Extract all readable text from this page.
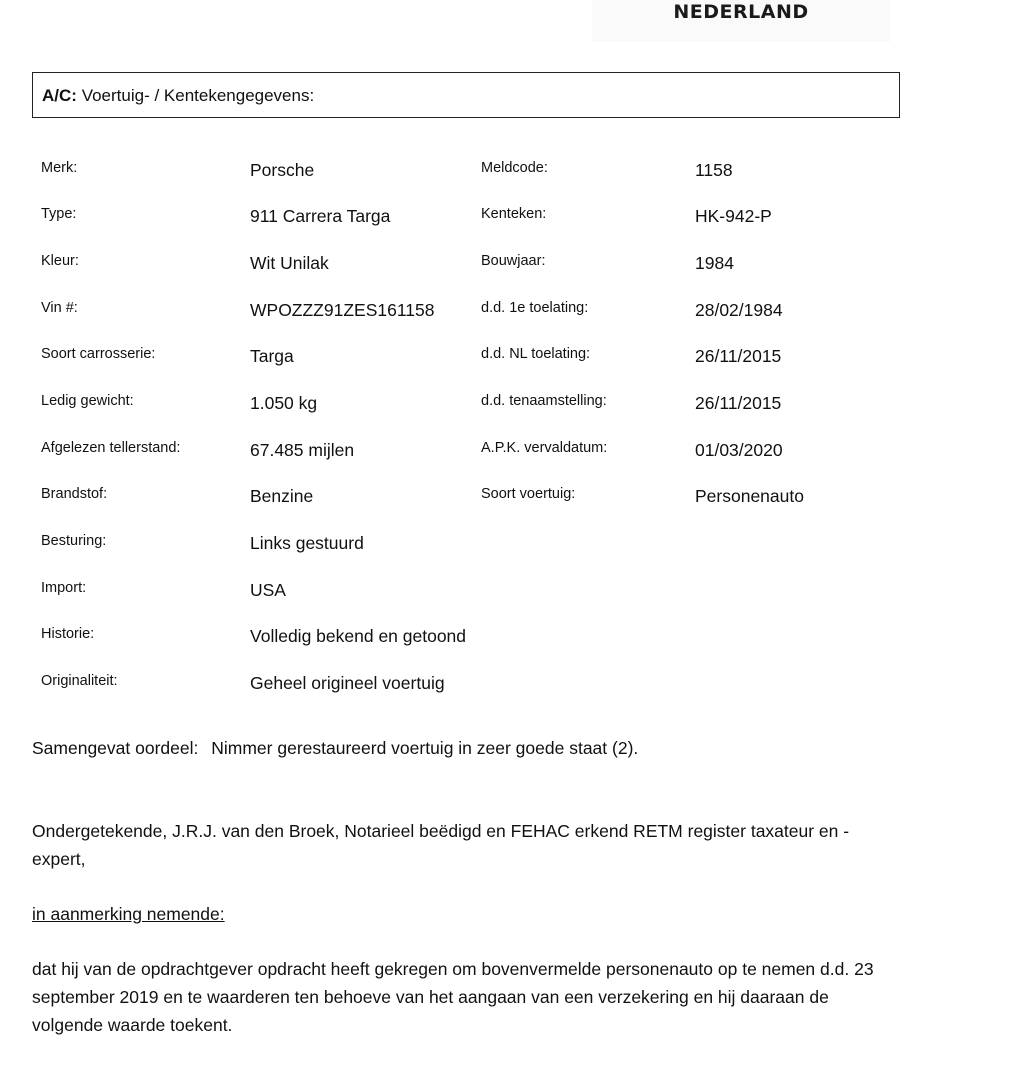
NEDERLAND
A/C: Voertuig- / Kentekengegevens:
Merk:	Porsche
Type:	911 Carrera Targa
Kleur:	Wit Unilak
Vin #:	WPOZZZ91ZES161158
Soort carrosserie:	Targa
Ledig gewicht:	1.050 kg
Afgelezen tellerstand:	67.485 mijlen
Brandstof:	Benzine
Besturing:	Links gestuurd
Import:	USA
Historie:	Volledig bekend en getoond
Originaliteit:	Geheel origineel voertuig
Meldcode:	1158
Kenteken:	HK-942-P
Bouwjaar:	1984
d.d. 1e toelating:	28/02/1984
d.d. NL toelating:	26/11/2015
d.d. tenaamstelling:	26/11/2015
A.P.K. vervaldatum:	01/03/2020
Soort voertuig:	Personenauto
Samengevat oordeel: Nimmer gerestaureerd voertuig in zeer goede staat (2).
Ondergetekende, J.R.J. van den Broek, Notarieel beëdigd en FEHAC erkend RETM register taxateur en -expert,
in aanmerking nemende:
dat hij van de opdrachtgever opdracht heeft gekregen om bovenvermelde personenauto op te nemen d.d. 23 september 2019 en te waarderen ten behoeve van het aangaan van een verzekering en hij daaraan de volgende waarde toekent.
